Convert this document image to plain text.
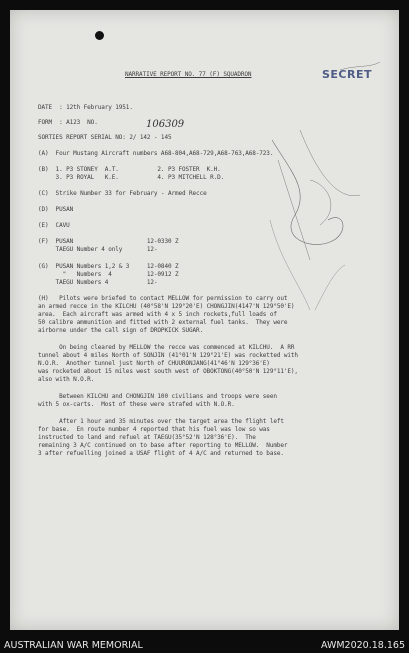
NARRATIVE REPORT NO. 77 (F) SQUADRON	SECRET
DATE  : 12th February 1951.
FORM  : A123  NO.	106309
SORTIES REPORT SERIAL NO: 2/ 142 - 145
(A)  Four Mustang Aircraft numbers A68-804,A68-729,A68-763,A68-723.
(B)  1. P3 STONEY  A.T.           2. P3 FOSTER  K.H.
3. P3 ROYAL   K.E.           4. P3 MITCHELL R.D.
(C)  Strike Number 33 for February - Armed Recce
(D)  PUSAN
(E)  CAVU
(F)  PUSAN                     12-0330 Z
TAEGU Number 4 only       12-
(G)  PUSAN Numbers 1,2 & 3     12-0840 Z
"   Numbers  4          12-0912 Z
TAEGU Numbers 4           12-
(H)   Pilots were briefed to contact MELLOW for permission to carry out
an armed recce in the KILCHU (40°58'N 129°20'E) CHONGJIN(4147'N 129°50'E)
area.  Each aircraft was armed with 4 x 5 inch rockets,full loads of
50 calibre ammunition and fitted with 2 external fuel tanks.  They were
airborne under the call sign of DROPKICK SUGAR.
On being cleared by MELLOW the recce was commenced at KILCHU.  A RR
tunnel about 4 miles North of SONJIN (41°01'N 129°21'E) was rocketted with
N.O.R.  Another tunnel just North of CHUURONJANG(41°46'N 129°36'E)
was rocketed about 15 miles west south west of OBOKTONG(40°50'N 129°11'E),
also with N.O.R.
Between KILCHU and CHONGJIN 100 civilians and troops were seen
with 5 ox-carts.  Most of these were strafed with N.O.R.
After 1 hour and 35 minutes over the target area the flight left
for base.  En route number 4 reported that his fuel was low so was
instructed to land and refuel at TAEGU(35°52'N 128°36'E).  The
remaining 3 A/C continued on to base after reporting to MELLOW.  Number
3 after refuelling joined a USAF flight of 4 A/C and returned to base.
AUSTRALIAN WAR MEMORIAL	AWM2020.18.165
